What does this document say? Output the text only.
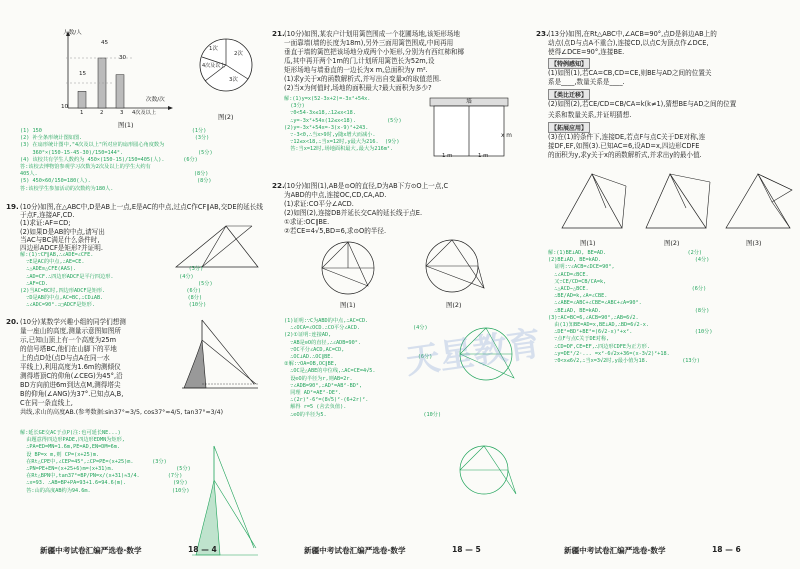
人数/人
次数/次
15
45
30
10
1	2	3 4次及以上
图(1)
1次
2次
3次
4次及以上
图(2)
(1) 150                                                (1分)
(2) 补全条形统计图如图.                                    (3分)
(3) 在扇形统计图中,"4次及以上"所对应的扇形圆心角度数为
360°×(150-15-45-30)/150=144°.                        (5分)
(4) 该校共有学生人数约为 450×(150-15)/150=405(人).      (6分)
答:该校去博物馆参观学习次数为2次及以上的学生大约有
405人.                                                  (8分)
(5) 450×60/150=180(人).                                  (8分)
答:该校学生参加活动的次数约为180人.
19. (10分)如图,在△ABC中,D是AB上一点,E是AC的中点,过点C作CF∥AB,交DE的延长线于点F,连接AF,CD.
(1)求证:AF=CD;
(2)如果D是AB的中点,请写出
当AC与BC满足什么条件时,
四边形ADCF是矩形?并证明.
解:(1)∵CF∥AB,∴∠ADE=∠CFE.
∵E是AC的中点,∴AE=CE.
∴△ADE≌△CFE(AAS).                                    (3分)
∴AD=CF.∴四边形ADCF是平行四边形.                     (4分)
∴AF=CD.                                                (5分)
(2)当AC=BC时,四边形ADCF是矩形.                          (6分)
∵D是AB的中点,AC=BC,∴CD⊥AB.                           (8分)
∴∠ADC=90°.∴□ADCF是矩形.                              (10分)
20. (10分)某数学兴趣小组的同学们想测
量一座山的高度,测量示意图如图所
示,已知山顶上有一个高度为25m
的信号塔BC,他们在山脚下的平地
上的点D处(点D与点A在同一水
平线上),利用高度为1.6m的测倾仪
测得塔顶C的仰角(∠CEG)为45°,沿
BD方向前进6m到达点M,测得塔尖
B的仰角(∠ANG)为37°.已知点A,B,
C在同一条直线上,
共线,求山的高度AB.(参考数据:sin37°≈3/5, cos37°≈4/5, tan37°≈3/4)
解:延长GE交AC于点P(注:也可延长NE...)
由题意得四边形PADE,四边形EDMN为矩形,
∴PA=ED=MN=1.6m,PE=AD,EN=DM=6m.
设 BP=x m,则 CP=(x+25)m.
在Rt△CPE中,∠CEP=45°,∴CP=PE=(x+25)m.      (3分)
∴PN=PE+EN=(x+25+6)m=(x+31)m.                    (5分)
在Rt△BPN中,tan37°=BP/PN=x/(x+31)≈3/4.         (7分)
∴x=93. ∴AB=BP+PA=93+1.6=94.6(m).               (9分)
答:山的高度AB约为94.6m.                          (10分)
新疆中考试卷汇编严选卷·数学	18 — 4
21. (10分)如图,某农户计划用篱笆围成一个花圃场地,该矩形场地
一面靠墙(墙的长度为18m),另外三面用篱笆围成,中间再用
垂直于墙的篱笆把该场地分成两个小矩形,分别为有西红柿和椰
瓜,其中再开两个1m的门,计划所用篱笆长为52m,设
矩形场地与墙垂直的一边长为x m,总面积为y m².
(1)求y关于x的函数解析式,并写出自变量x的取值范围.
(2)当x为何值时,场地的面积最大?最大面积为多少?
墙
x m
1 m	1 m
解:(1)y=x(52-3x+2)=-3x²+54x.
(3分)
∵0<54-3x≤18,∴12≤x<18.
∴y=-3x²+54x(12≤x<18).          (5分)
(2)y=-3x²+54x=-3(x-9)²+243.
∵-3<0,∴当x>9时,y随x增大而减小.
∵12≤x<18,∴当x=12时,y最大为216.  (9分)
答:当x=12时,场地面积最大,最大为216m².
22. (10分)如图(1),AB是⊙O的直径,D为AB下方⊙O上一点,C
为ABD的中点,连接OC,CD,CA,AD.
(1)求证:CO平分∠ACD.
(2)如图(2),连接DB并延长交CA的延长线于点E.
①求证:OC∥BE.
②若CE=4√5,BD=6,求⊙O的半径.
图(1)	图(2)
(1)证明:∵C为ABD的中点,∴AC=CD.
∴∠OCA=∠OCD.∴CO平分∠ACD.                 (4分)
(2)①证明:连接AD,
∵AB是⊙O的直径,∴∠ADB=90°.
∵OC平分∠ACD,AC=CD,
∴OC⊥AD.∴OC∥BE.                           (6分)
②解:∵OA=OB,OC∥BE,
∴OC是△ABE的中位线,∴AC=CE=4√5.
设⊙O的半径为r,则AB=2r.
∵∠ADB=90°,∴AD²=AB²-BD²,
同理 AD²=AE²-DE².
∴(2r)²-6²=(8√5)²-(6+2r)².
解得 r=5 (舍去负值).
∴⊙O的半径为5.                               (10分)
新疆中考试卷汇编严选卷·数学	18 — 5
23. (13分)如图,在Rt△ABC中,∠ACB=90°,点D是斜边AB上的
动点(点D与点A不重合),连接CD,以点C为顶点作∠DCE,
使得∠DCE=90°,连接BE.
【特例感知】
(1)如图(1),若CA=CB,CD=CE,则BE与AD之间的位置关
系是____,数量关系是____.
【类比迁移】
(2)如图(2),若CE/CD=CB/CA=k(k≠1),猜想BE与AD之间的位置
关系和数量关系,并证明猜想.
【拓展应用】
(3)在(1)的条件下,连接DE,若点F与点C关于DE对称,连
接DF,EF,如图(3).已知AC=6,设AD=x,四边形CDFE
的面积为y,求y关于x的函数解析式,并求出y的最小值.
图(1)	图(2)	图(3)
解:(1)BE⊥AD, BE=AD.                          (2分)
(2)BE⊥AD, BE=kAD.                              (4分)
证明:∵∠ACB=∠DCE=90°,
∴∠ACD=∠BCE.
又∵CE/CD=CB/CA=k,
∴△ACD∽△BCE.                                 (6分)
∴BE/AD=k,∠A=∠CBE.
∴∠ABE=∠ABC+∠CBE=∠ABC+∠A=90°.
∴BE⊥AD, BE=kAD.                              (8分)
(3)∵AC=BC=6,∠ACB=90°,∴AB=6√2.
由(1)知BE=AD=x,BE⊥AD,∴BD=6√2-x.
∴DE²=BD²+BE²=(6√2-x)²+x².                    (10分)
∵点F与点C关于DE对称,
∴CD=DF,CE=EF,∴四边形CDFE为正方形.
∴y=DE²/2·... =x²-6√2x+36=(x-3√2)²+18.
∵0<x≤6√2,∴当x=3√2时,y最小值为18.           (13分)
新疆中考试卷汇编严选卷·数学	18 — 6
天星教育
